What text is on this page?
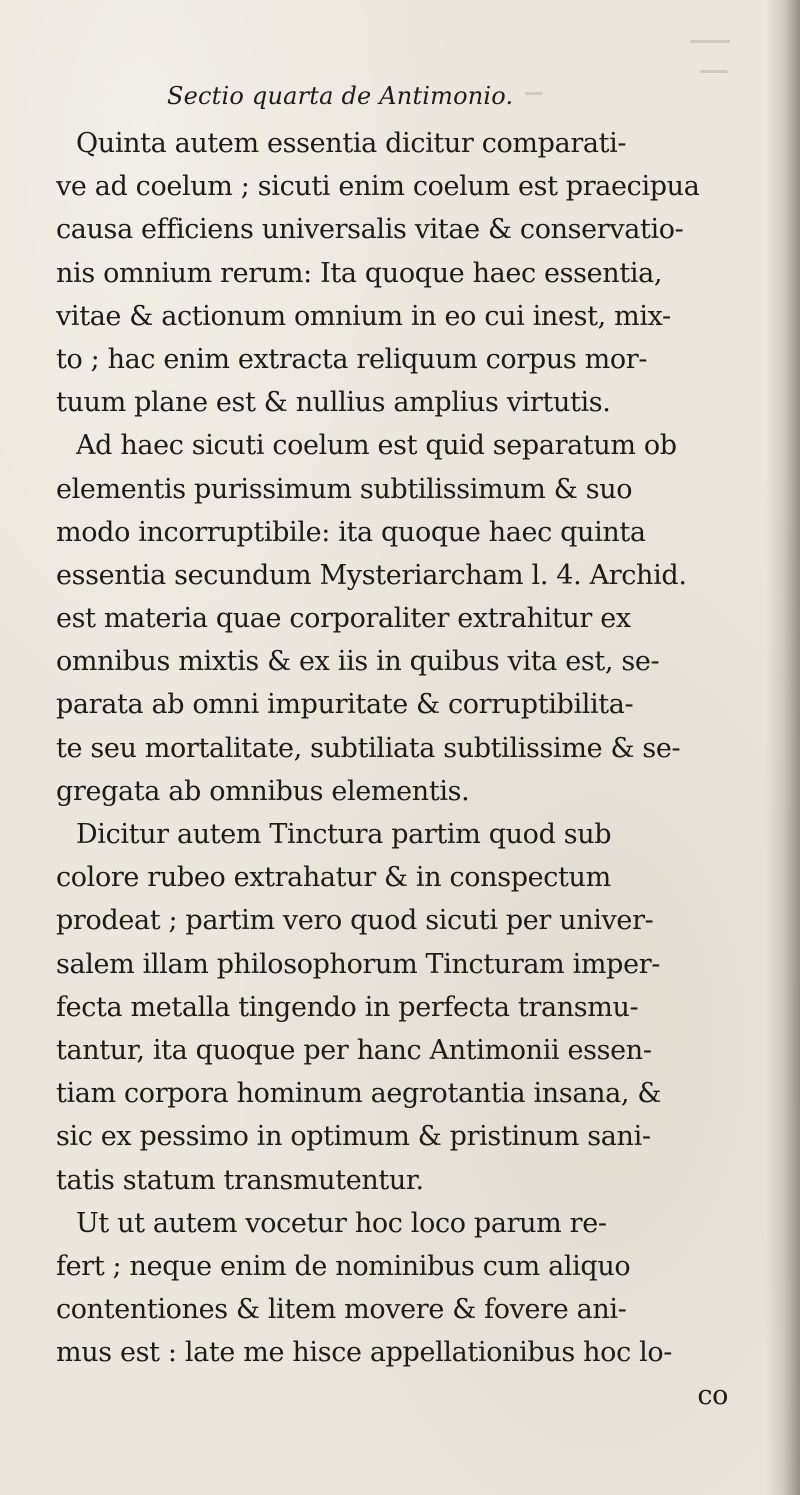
Sectio quarta de Antimonio.
Quinta autem essentia dicitur comparati-
ve ad coelum ; sicuti enim coelum est praecipua
causa efficiens universalis vitae & conservatio-
nis omnium rerum: Ita quoque haec essentia,
vitae & actionum omnium in eo cui inest, mix-
to ; hac enim extracta reliquum corpus mor-
tuum plane est & nullius amplius virtutis.
Ad haec sicuti coelum est quid separatum ob
elementis purissimum subtilissimum & suo
modo incorruptibile: ita quoque haec quinta
essentia secundum Mysteriarcham l. 4. Archid.
est materia quae corporaliter extrahitur ex
omnibus mixtis & ex iis in quibus vita est, se-
parata ab omni impuritate & corruptibilita-
te seu mortalitate, subtiliata subtilissime & se-
gregata ab omnibus elementis.
Dicitur autem Tinctura partim quod sub
colore rubeo extrahatur & in conspectum
prodeat ; partim vero quod sicuti per univer-
salem illam philosophorum Tincturam imper-
fecta metalla tingendo in perfecta transmu-
tantur, ita quoque per hanc Antimonii essen-
tiam corpora hominum aegrotantia insana, &
sic ex pessimo in optimum & pristinum sani-
tatis statum transmutentur.
Ut ut autem vocetur hoc loco parum re-
fert ; neque enim de nominibus cum aliquo
contentiones & litem movere & fovere ani-
mus est : late me hisce appellationibus hoc lo-
co
